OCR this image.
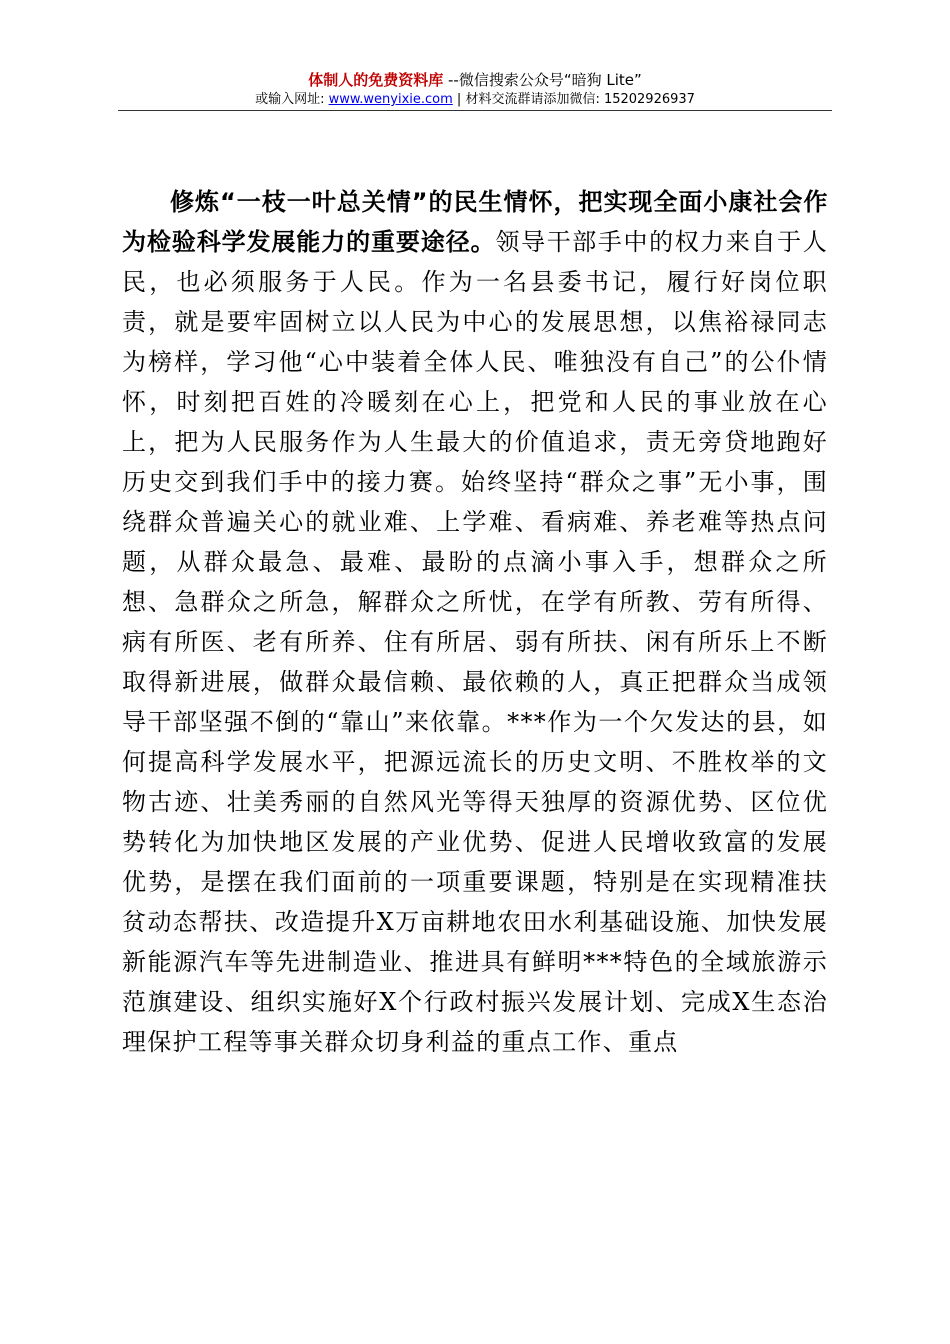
体制人的免费资料库 --微信搜索公众号“暗狗 Lite”
或输入网址: www.wenyixie.com | 材料交流群请添加微信: 15202926937

修炼“一枝一叶总关情”的民生情怀，把实现全面小康社会作为检验科学发展能力的重要途径。领导干部手中的权力来自于人民，也必须服务于人民。作为一名县委书记，履行好岗位职责，就是要牢固树立以人民为中心的发展思想，以焦裕禄同志为榜样，学习他“心中装着全体人民、唯独没有自己”的公仆情怀，时刻把百姓的冷暖刻在心上，把党和人民的事业放在心上，把为人民服务作为人生最大的价值追求，责无旁贷地跑好历史交到我们手中的接力赛。始终坚持“群众之事”无小事，围绕群众普遍关心的就业难、上学难、看病难、养老难等热点问题，从群众最急、最难、最盼的点滴小事入手，想群众之所想、急群众之所急，解群众之所忧，在学有所教、劳有所得、病有所医、老有所养、住有所居、弱有所扶、闲有所乐上不断取得新进展，做群众最信赖、最依赖的人，真正把群众当成领导干部坚强不倒的“靠山”来依靠。***作为一个欠发达的县，如何提高科学发展水平，把源远流长的历史文明、不胜枚举的文物古迹、壮美秀丽的自然风光等得天独厚的资源优势、区位优势转化为加快地区发展的产业优势、促进人民增收致富的发展优势，是摆在我们面前的一项重要课题，特别是在实现精准扶贫动态帮扶、改造提升X万亩耕地农田水利基础设施、加快发展新能源汽车等先进制造业、推进具有鲜明***特色的全域旅游示范旗建设、组织实施好X个行政村振兴发展计划、完成X生态治理保护工程等事关群众切身利益的重点工作、重点
